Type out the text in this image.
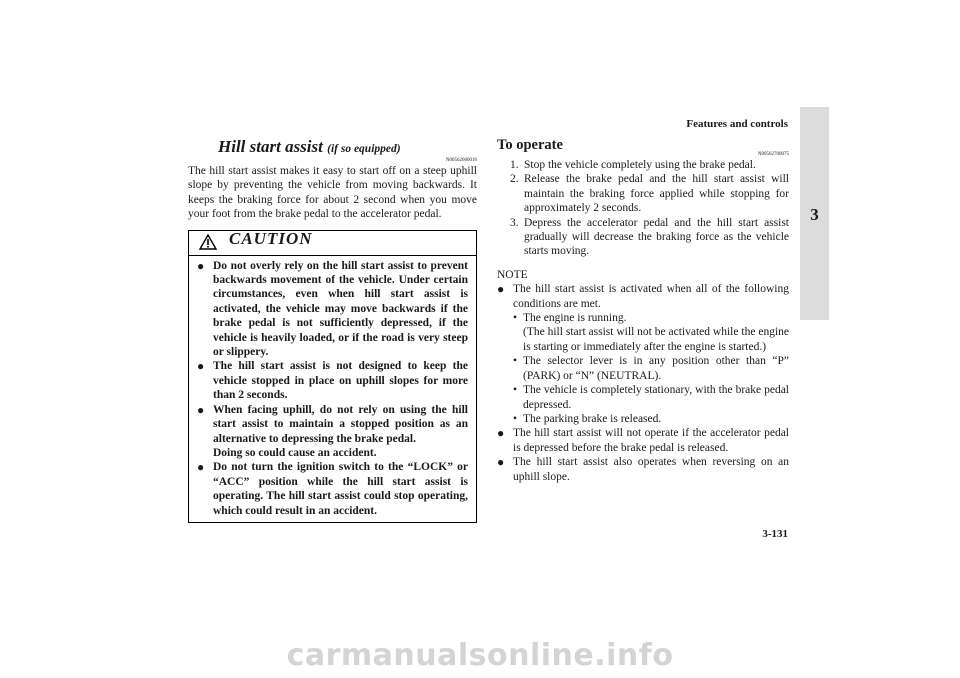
Features and controls
3
Hill start assist (if so equipped)
N00562600016
The hill start assist makes it easy to start off on a steep uphill slope by preventing the vehicle from moving backwards. It keeps the braking force for about 2 second when you move your foot from the brake pedal to the accelerator pedal.
CAUTION
● Do not overly rely on the hill start assist to prevent backwards movement of the vehicle. Under certain circumstances, even when hill start assist is activated, the vehicle may move backwards if the brake pedal is not sufficiently depressed, if the vehicle is heavily loaded, or if the road is very steep or slippery.
● The hill start assist is not designed to keep the vehicle stopped in place on uphill slopes for more than 2 seconds.
● When facing uphill, do not rely on using the hill start assist to maintain a stopped position as an alternative to depressing the brake pedal.
Doing so could cause an accident.
● Do not turn the ignition switch to the “LOCK” or “ACC” position while the hill start assist is operating. The hill start assist could stop operating, which could result in an accident.
To operate
N00562700075
1. Stop the vehicle completely using the brake pedal.
2. Release the brake pedal and the hill start assist will maintain the braking force applied while stopping for approximately 2 seconds.
3. Depress the accelerator pedal and the hill start assist gradually will decrease the braking force as the vehicle starts moving.
NOTE
● The hill start assist is activated when all of the following conditions are met.
• The engine is running.
(The hill start assist will not be activated while the engine is starting or immediately after the engine is started.)
• The selector lever is in any position other than “P” (PARK) or “N” (NEUTRAL).
• The vehicle is completely stationary, with the brake pedal depressed.
• The parking brake is released.
● The hill start assist will not operate if the accelerator pedal is depressed before the brake pedal is released.
● The hill start assist also operates when reversing on an uphill slope.
3-131
carmanualsonline.info
